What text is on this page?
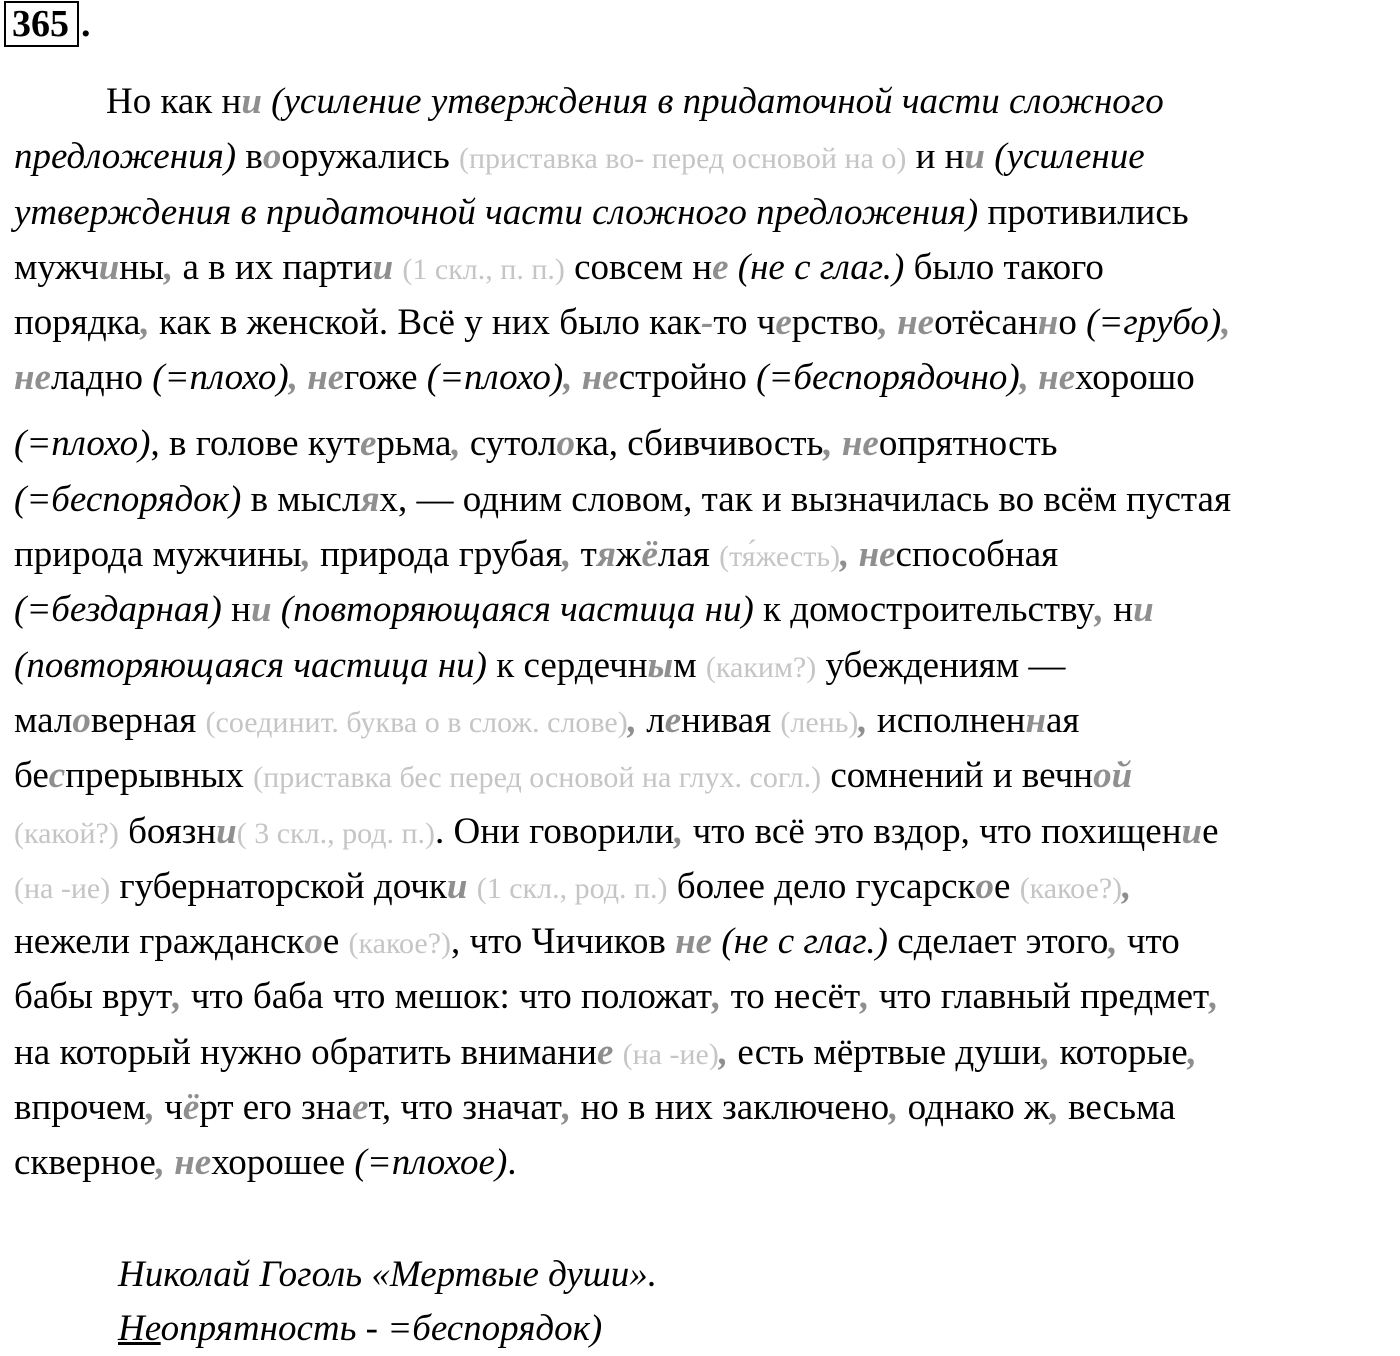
365 .
Но как ни (усиление утверждения в придаточной части сложного
предложения) вооружались (приставка во- перед основой на о) и ни (усиление
утверждения в придаточной части сложного предложения) противились
мужчины, а в их партии (1 скл., п. п.) совсем не (не с глаг.) было такого
порядка, как в женской. Всё у них было как-то черство, неотёсанно (=грубо),
неладно (=плохо), негоже (=плохо), нестройно (=беспорядочно), нехорошо
(=плохо), в голове кутерьма, сутолока, сбивчивость, неопрятность
(=беспорядок) в мыслях, — одним словом, так и вызначилась во всём пустая
природа мужчины, природа грубая, тяжёлая (тя́жесть), неспособная
(=бездарная) ни (повторяющаяся частица ни) к домостроительству, ни
(повторяющаяся частица ни) к сердечным (каким?) убеждениям —
маловерная (соединит. буква о в слож. слове), ленивая (лень), исполненная
беспрерывных (приставка бес перед основой на глух. согл.) сомнений и вечной
(какой?) боязни( 3 скл., род. п.). Они говорили, что всё это вздор, что похищение
(на -ие) губернаторской дочки (1 скл., род. п.) более дело гусарское (какое?),
нежели гражданское (какое?), что Чичиков не (не с глаг.) сделает этого, что
бабы врут, что баба что мешок: что положат, то несёт, что главный предмет,
на который нужно обратить внимание (на -ие), есть мёртвые души, которые,
впрочем, чёрт его знает, что значат, но в них заключено, однако ж, весьма
скверное, нехорошее (=плохое).
Николай Гоголь «Мертвые души».
Неопрятность - =беспорядок)
